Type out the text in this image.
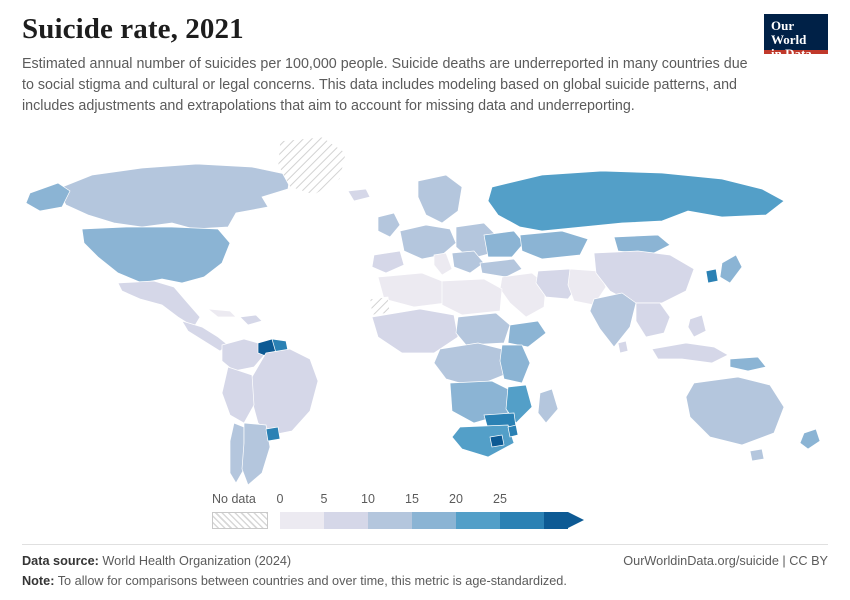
Suicide rate, 2021

Estimated annual number of suicides per 100,000 people. Suicide deaths are underreported in many countries due to social stigma and cultural or legal concerns. This data includes modeling based on global suicide patterns, and includes adjustments and extrapolations that aim to account for missing data and underreporting.

Our World
in Data
No data 0	5	10 15 20 25
Data source: World Health Organization (2024)	OurWorldinData.org/suicide | CC BY
Note: To allow for comparisons between countries and over time, this metric is age-standardized.
